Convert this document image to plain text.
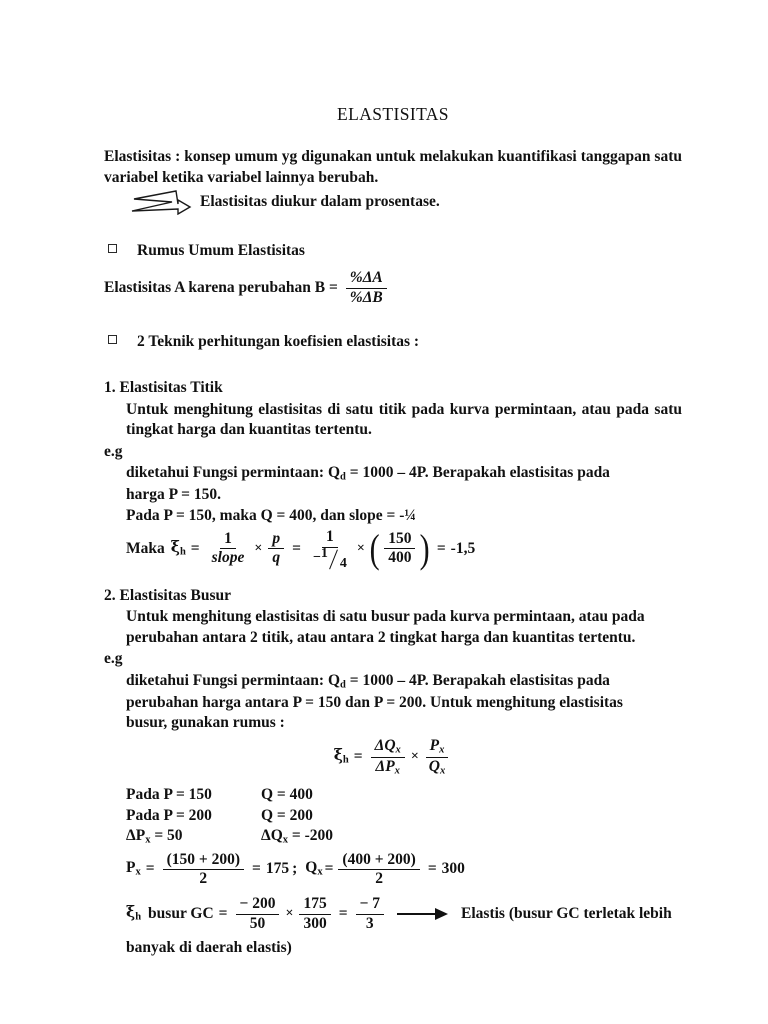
ELASTISITAS

Elastisitas : konsep umum yg digunakan untuk melakukan kuantifikasi tanggapan satu variabel ketika variabel lainnya berubah.

Elastisitas diukur dalam prosentase.
Rumus Umum Elastisitas
Elastisitas A karena perubahan $B = \frac{\%\Delta A}{\%\Delta B}$
2 Teknik perhitungan koefisien elastisitas :

1. Elastisitas Titik

Untuk menghitung elastisitas di satu titik pada kurva permintaan, atau pada satu tingkat harga dan kuantitas tertentu.

e.g

diketahui Fungsi permintaan: $Q_d = 1000 - 4P$. Berapakah elastisitas pada

harga P = 150.

Pada P = 150, maka Q = 400, dan slope = -¼

Maka $\xi_h = \frac{1}{\text{slope}} \times \frac{p}{q} = 1$
− 1
4 × ( $\frac{150}{400}$ ) = -1,5

2. Elastisitas Busur

Untuk menghitung elastisitas di satu busur pada kurva permintaan, atau pada

perubahan antara 2 titik, atau antara 2 tingkat harga dan kuantitas tertentu.

e.g

diketahui Fungsi permintaan: $Q_d = 1000 - 4P$. Berapakah elastisitas pada

perubahan harga antara P = 150 dan P = 200. Untuk menghitung elastisitas

busur, gunakan rumus :

$\xi_h = \frac{\Delta Q_x}{\Delta P_x} \times \frac{P_x}{Q_x}$
Pada P = 150	Q = 400
Pada P = 200	Q = 200
$\Delta P_x = 50$	$\Delta Q_x = -200$
$P_x = \frac{(150 + 200)}{2} = 175$ ; $Q_x = \frac{(400 + 200)}{2} = 300$
$\xi_h$ busur GC = $\frac{- 200}{50} \times \frac{175}{300} = \frac{- 7}{3}$	Elastis (busur GC terletak lebih

banyak di daerah elastis)
